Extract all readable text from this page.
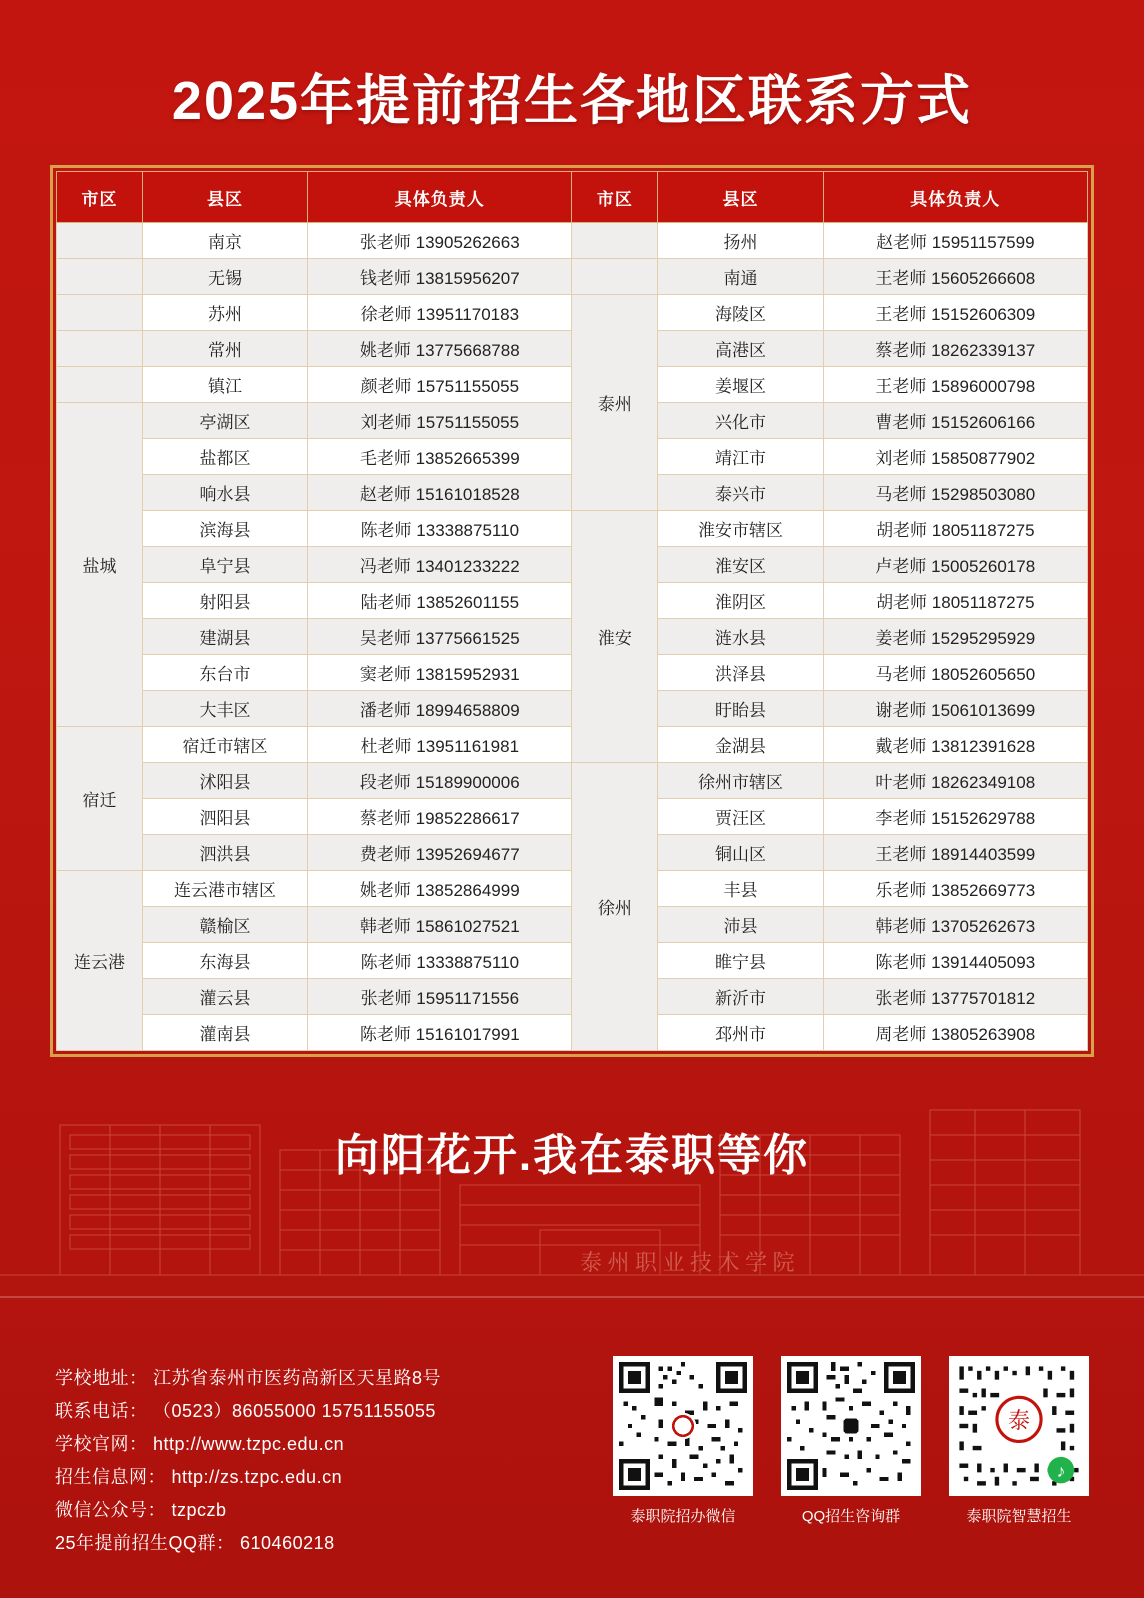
2025年提前招生各地区联系方式
市区	县区	具体负责人	市区	县区	具体负责人
	南京	张老师 13905262663		扬州	赵老师 15951157599
	无锡	钱老师 13815956207		南通	王老师 15605266608
	苏州	徐老师 13951170183	泰州	海陵区	王老师 15152606309
	常州	姚老师 13775668788		高港区	蔡老师 18262339137
	镇江	颜老师 15751155055		姜堰区	王老师 15896000798
盐城	亭湖区	刘老师 15751155055		兴化市	曹老师 15152606166
	盐都区	毛老师 13852665399		靖江市	刘老师 15850877902
	响水县	赵老师 15161018528		泰兴市	马老师 15298503080
	滨海县	陈老师 13338875110	淮安	淮安市辖区	胡老师 18051187275
	阜宁县	冯老师 13401233222		淮安区	卢老师 15005260178
	射阳县	陆老师 13852601155		淮阴区	胡老师 18051187275
	建湖县	吴老师 13775661525		涟水县	姜老师 15295295929
	东台市	窦老师 13815952931		洪泽县	马老师 18052605650
	大丰区	潘老师 18994658809		盱眙县	谢老师 15061013699
宿迁	宿迁市辖区	杜老师 13951161981		金湖县	戴老师 13812391628
	沭阳县	段老师 15189900006	徐州	徐州市辖区	叶老师 18262349108
	泗阳县	蔡老师 19852286617		贾汪区	李老师 15152629788
	泗洪县	费老师 13952694677		铜山区	王老师 18914403599
连云港	连云港市辖区	姚老师 13852864999		丰县	乐老师 13852669773
	赣榆区	韩老师 15861027521		沛县	韩老师 13705262673
	东海县	陈老师 13338875110		睢宁县	陈老师 13914405093
	灌云县	张老师 15951171556		新沂市	张老师 13775701812
	灌南县	陈老师 15161017991		邳州市	周老师 13805263908
向阳花开.我在泰职等你
泰 州 职 业 技 术 学 院
学校地址： 江苏省泰州市医药高新区天星路8号
联系电话： （0523）86055000 15751155055
学校官网： http://www.tzpc.edu.cn
招生信息网： http://zs.tzpc.edu.cn
微信公众号： tzpczb
25年提前招生QQ群： 610460218
泰职院招办微信	QQ招生咨询群
泰
♪
泰职院智慧招生
